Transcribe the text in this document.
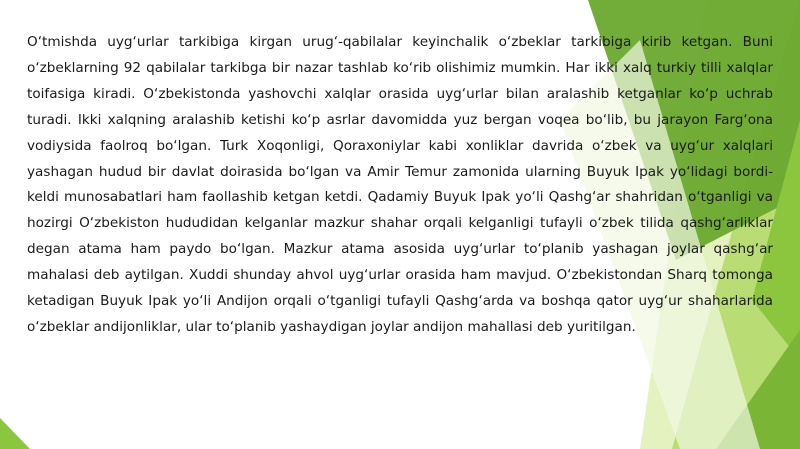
O‘tmishda uyg‘urlar tarkibiga kirgan urug‘-qabilalar keyinchalik o‘zbeklar tarkibiga kirib ketgan. Buni o‘zbeklarning 92 qabilalar tarkibga bir nazar tashlab ko‘rib olishimiz mumkin. Har ikki xalq turkiy tilli xalqlar toifasiga kiradi. O‘zbekistonda yashovchi xalqlar orasida uyg‘urlar bilan aralashib ketganlar ko‘p uchrab turadi. Ikki xalqning aralashib ketishi ko‘p asrlar davomidda yuz bergan voqea bo‘lib, bu jarayon Farg‘ona vodiysida faolroq bo‘lgan. Turk Xoqonligi, Qoraxoniylar kabi xonliklar davrida o‘zbek va uyg‘ur xalqlari yashagan hudud bir davlat doirasida bo‘lgan va Amir Temur zamonida ularning Buyuk Ipak yo‘lidagi bordi-keldi munosabatlari ham faollashib ketgan ketdi. Qadamiy Buyuk Ipak yo‘li Qashg‘ar shahridan o‘tganligi va hozirgi O‘zbekiston hududidan kelganlar mazkur shahar orqali kelganligi tufayli o‘zbek tilida qashg‘arliklar degan atama ham paydo bo‘lgan. Mazkur atama asosida uyg‘urlar to‘planib yashagan joylar qashg‘ar mahalasi deb aytilgan. Xuddi shunday ahvol uyg‘urlar orasida ham mavjud. O‘zbekistondan Sharq tomonga ketadigan Buyuk Ipak yo‘li Andijon orqali o‘tganligi tufayli Qashg‘arda va boshqa qator uyg‘ur shaharlarida o‘zbeklar andijonliklar, ular to‘planib yashaydigan joylar andijon mahallasi deb yuritilgan.
